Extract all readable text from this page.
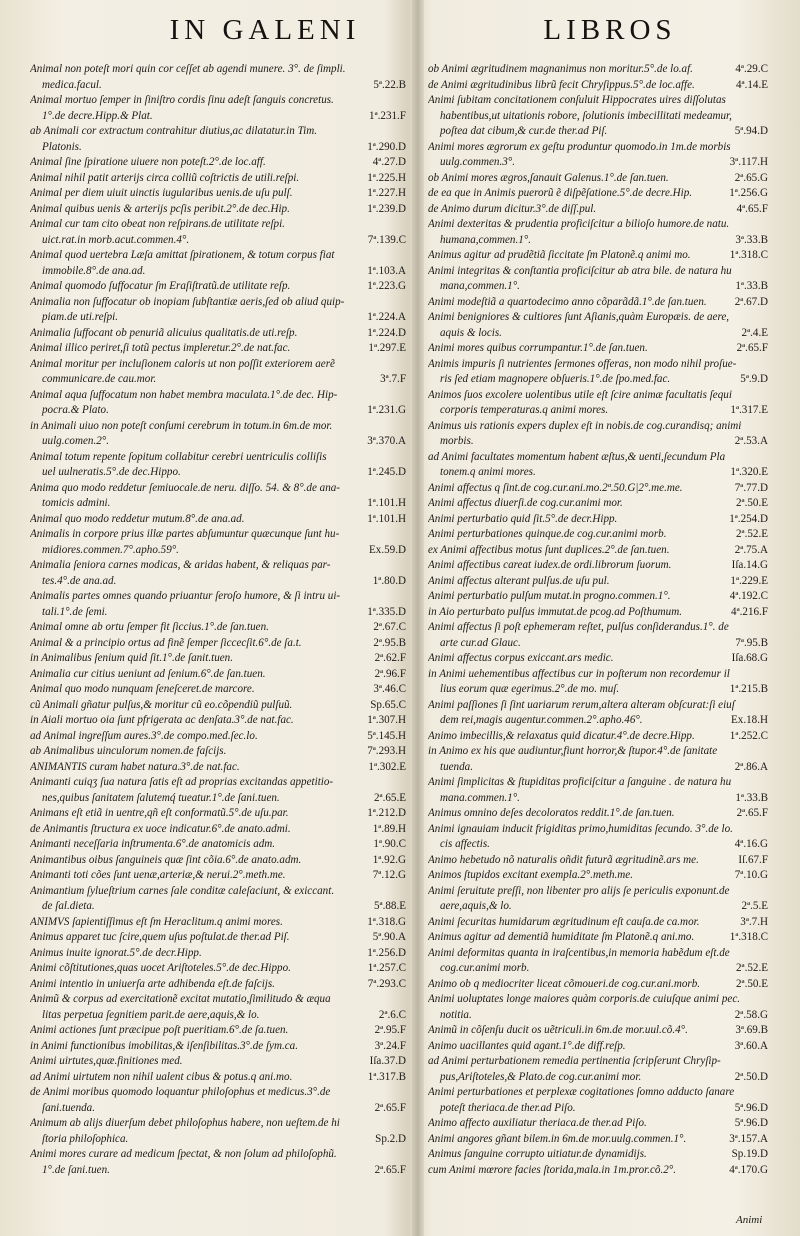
IN GALENI	LIBROS
Animal non poteſt mori quin cor ceſſet ab agendi munere. 3°. de ſimpli.
5ª.22.B
medica.facul.
Animal mortuo ſemper in ſiniſtro cordis ſinu adeſt ſanguis concretus.
1ª.231.F
1°.de decre.Hipp.& Plat.
ab Animali cor extractum contrahitur diutius,ac dilatatur.in Tim.
1ª.290.D
Platonis.
4ª.27.D
Animal ſine ſpiratione uiuere non poteſt.2°.de loc.aff.
1ª.225.H
Animal nihil patit arterijs circa colliũ coſtrictis de utili.reſpi.
1ª.227.H
Animal per diem uiuit uinctis iugularibus uenis.de uſu pulſ.
1ª.239.D
Animal quibus uenis & arterijs pcſis peribit.2°.de dec.Hip.
Animal cur tam cito obeat non reſpirans.de utilitate reſpi.
7ª.139.C
uict.rat.in morb.acut.commen.4°.
Animal quod uertebra Læſa amittat ſpirationem, & totum corpus fiat
1ª.103.A
immobile.8°.de ana.ad.
1ª.223.G
Animal quomodo ſuffocatur ſm Eraſiſtratũ.de utilitate reſp.
Animalia non ſuffocatur ob inopiam ſubſtantiæ aeris,ſed ob aliud quip-
1ª.224.A
piam.de uti.reſpi.
1ª.224.D
Animalia ſuffocant ob penuriã alicuius qualitatis.de uti.reſp.
1ª.297.E
Animal illico periret,ſi totũ pectus impleretur.2°.de nat.fac.
Animal moritur per incluſionem caloris ut non poſſit exteriorem aerẽ
3ª.7.F
communicare.de cau.mor.
Animal aqua ſuffocatum non habet membra maculata.1°.de dec. Hip-
1ª.231.G
pocra.& Plato.
in Animali uiuo non poteſt conſumi cerebrum in totum.in 6m.de mor.
3ª.370.A
uulg.comen.2°.
Animal totum repente ſopitum collabitur cerebri uentriculis colliſis
1ª.245.D
uel uulneratis.5°.de dec.Hippo.
Anima quo modo reddetur ſemiuocale.de neru. diſſo. 54. & 8°.de ana-
1ª.101.H
tomicis admini.
1ª.101.H
Animal quo modo reddetur mutum.8°.de ana.ad.
Animalis in corpore prius illæ partes abſumuntur quæcunque ſunt hu-
Ex.59.D
midiores.commen.7°.apho.59°.
Animalia ſeniora carnes modicas, & aridas habent, & reliquas par-
1ª.80.D
tes.4°.de ana.ad.
Animalis partes omnes quando priuantur ſeroſo humore, & ſi intru ui-
1ª.335.D
tali.1°.de ſemi.
2ª.67.C
Animal omne ab ortu ſemper fit ſiccius.1°.de ſan.tuen.
2ª.95.B
Animal & a principio ortus ad finẽ ſemper ſiccecſit.6°.de ſa.t.
2ª.62.F
in Animalibus ſenium quid ſit.1°.de ſanit.tuen.
2ª.96.F
Animalia cur citius ueniunt ad ſenium.6°.de ſan.tuen.
3ª.46.C
Animal quo modo nunquam ſeneſceret.de marcore.
Sp.65.C
cũ Animali gñatur pulſus,& moritur cũ eo.cõpendiũ pulſuũ.
1ª.307.H
in Aiali mortuo oia ſunt pfrigerata ac denſata.3°.de nat.fac.
5ª.145.H
ad Animal ingreſſum aures.3°.de compo.med.ſec.lo.
7ª.293.H
ab Animalibus uinculorum nomen.de faſcijs.
1ª.302.E
ANIMANTIS curam habet natura.3°.de nat.fac.
Animanti cuiqʒ ſua natura ſatis eſt ad proprias excitandas appetitio-
2ª.65.E
nes,quibus ſanitatem ſalutemq́ tueatur.1°.de ſani.tuen.
1ª.212.D
Animans eſt etiã in uentre,qñ eſt conformatũ.5°.de uſu.par.
1ª.89.H
de Animantis ſtructura ex uoce indicatur.6°.de anato.admi.
1ª.90.C
Animanti neceſſaria inſtrumenta.6°.de anatomicis adm.
1ª.92.G
Animantibus oibus ſanguineis quæ ſint cõia.6°.de anato.adm.
7ª.12.G
Animanti toti cões ſunt uenæ,arteriæ,& nerui.2°.meth.me.
Animantium ſylueſtrium carnes ſale conditæ caleſaciunt, & exiccant.
5ª.88.E
de ſal.dieta.
1ª.318.G
ANIMVS ſapientiſſimus eſt ſm Heraclitum.q animi mores.
5ª.90.A
Animus apparet tuc ſcire,quem uſus poſtulat.de ther.ad Piſ.
1ª.256.D
Animus inuite ignorat.5°.de decr.Hipp.
1ª.257.C
Animi cõſtitutiones,quas uocet Ariſtoteles.5°.de dec.Hippo.
7ª.293.C
Animi intentio in uniuerſa arte adhibenda eſt.de faſcijs.
Animũ & corpus ad exercitationẽ excitat mutatio,ſimilitudo & æqua
2ª.6.C
litas perpetua ſegnitiem parit.de aere,aquis,& lo.
2ª.95.F
Animi actiones ſunt præcipue poſt pueritiam.6°.de ſa.tuen.
3ª.24.F
in Animi functionibus imobilitas,& iſenſibilitas.3°.de ſym.ca.
Iſa.37.D
Animi uirtutes,quæ.finitiones med.
1ª.317.B
ad Animi uirtutem non nihil ualent cibus & potus.q ani.mo.
de Animi moribus quomodo loquantur philoſophus et medicus.3°.de
2ª.65.F
ſani.tuenda.
Animum ab alijs diuerſum debet philoſophus habere, non ueſtem.de hi
Sp.2.D
ſtoria philoſophica.
Animi mores curare ad medicum ſpectat, & non ſolum ad philoſophũ.
2ª.65.F
1°.de ſani.tuen.
4ª.29.C
ob Animi ægritudinem magnanimus non moritur.5°.de lo.af.
4ª.14.E
de Animi ægritudinibus librũ fecit Chryſippus.5°.de loc.affe.
Animi ſubitam concitationem conſuluit Hippocrates uires diſſolutas
habentibus,ut uitationis robore, ſolutionis imbecillitati medeamur,
5ª.94.D
poſtea dat cibum,& cur.de ther.ad Piſ.
Animi mores ægrorum ex geſtu produntur quomodo.in 1m.de morbis
3ª.117.H
uulg.commen.3°.
2ª.65.G
ob Animi mores ægros,ſanauit Galenus.1°.de ſan.tuen.
1ª.256.G
de ea que in Animis puerorũ ẽ diſpẽſatione.5°.de decre.Hip.
4ª.65.F
de Animo durum dicitur.3°.de diſſ.pul.
Animi dexteritas & prudentia proficiſcitur a bilioſo humore.de natu.
3ª.33.B
humana,commen.1°.
1ª.318.C
Animus agitur ad prudẽtiã ſiccitate ſm Platonẽ.q animi mo.
Animi integritas & conſtantia proficiſcitur ab atra bile. de natura hu
1ª.33.B
mana,commen.1°.
2ª.67.D
Animi modeſtiã a quartodecimo anno cõparãdã.1°.de ſan.tuen.
Animi benigniores & cultiores ſunt Aſianis,quàm Europæis. de aere,
2ª.4.E
aquis & locis.
2ª.65.F
Animi mores quibus corrumpantur.1°.de ſan.tuen.
Animis impuris ſi nutrientes ſermones offeras, non modo nihil proſue-
5ª.9.D
ris ſed etiam magnopere obſueris.1°.de ſpo.med.fac.
Animos ſuos excolere uolentibus utile eſt ſcire animæ facultatis ſequi
1ª.317.E
corporis temperaturas.q animi mores.
Animus uis rationis expers duplex eſt in nobis.de cog.curandisq; animi
2ª.53.A
morbis.
ad Animi facultates momentum habent æſtus,& uenti,ſecundum Pla
1ª.320.E
tonem.q animi mores.
7ª.77.D
Animi affectus q ſint.de cog.cur.ani.mo.2ª.50.G|2°.me.me.
2ª.50.E
Animi affectus diuerſi.de cog.cur.animi mor.
1ª.254.D
Animi perturbatio quid ſit.5°.de decr.Hipp.
2ª.52.E
Animi perturbationes quinque.de cog.cur.animi morb.
2ª.75.A
ex Animi affectibus motus ſunt duplices.2°.de ſan.tuen.
Iſa.14.G
Animi affectibus careat iudex.de ordi.librorum ſuorum.
1ª.229.E
Animi affectus alterant pulſus.de uſu pul.
4ª.192.C
Animi perturbatio pulſum mutat.in progno.commen.1°.
4ª.216.F
in Aio perturbato pulſus immutat.de pcog.ad Poſthumum.
Animi affectus ſi poſt ephemeram reſtet, pulſus conſiderandus.1°. de
7ª.95.B
arte cur.ad Glauc.
Iſa.68.G
Animi affectus corpus exiccant.ars medic.
in Animi uehementibus affectibus cur in poſterum non recordemur il
1ª.215.B
lius eorum quæ egerimus.2°.de mo. muſ.
Animi paſſiones ſi ſint uariarum rerum,altera alteram obſcurat:ſi eiuſ
Ex.18.H
dem rei,magis augentur.commen.2°.apho.46°.
1ª.252.C
Animo imbecillis,& relaxatus quid dicatur.4°.de decre.Hipp.
in Animo ex his que audiuntur,fiunt horror,& ſtupor.4°.de ſanitate
2ª.86.A
tuenda.
Animi ſimplicitas & ſtupiditas proficiſcitur a ſanguine . de natura hu
1ª.33.B
mana.commen.1°.
2ª.65.F
Animus omnino deſes decoloratos reddit.1°.de ſan.tuen.
Animi ignauiam inducit frigiditas primo,humiditas ſecundo. 3°.de lo.
4ª.16.G
cis affectis.
Iſ.67.F
Animo hebetudo nõ naturalis oñdit futurã ægritudinẽ.ars me.
7ª.10.G
Animos ſtupidos excitant exempla.2°.meth.me.
Animi ſeruitute preſſi, non libenter pro alijs ſe periculis exponunt.de
2ª.5.E
aere,aquis,& lo.
3ª.7.H
Animi ſecuritas humidarum ægritudinum eſt cauſa.de ca.mor.
1ª.318.C
Animus agitur ad dementiã humiditate ſm Platonẽ.q ani.mo.
Animi deformitas quanta in iraſcentibus,in memoria habẽdum eſt.de
2ª.52.E
cog.cur.animi morb.
2ª.50.E
Animo ob q mediocriter liceat cõmoueri.de cog.cur.ani.morb.
Animi uoluptates longe maiores quàm corporis.de cuiuſque animi pec.
2ª.58.G
notitia.
3ª.69.B
Animũ in cõſenſu ducit os uẽtriculi.in 6m.de mor.uul.cõ.4°.
3ª.60.A
Animo uacillantes quid agant.1°.de diff.reſp.
ad Animi perturbationem remedia pertinentia ſcripſerunt Chryſip-
2ª.50.D
pus,Ariſtoteles,& Plato.de cog.cur.animi mor.
Animi perturbationes et perplexæ cogitationes ſomno adducto ſanare
5ª.96.D
poteſt theriaca.de ther.ad Piſo.
5ª.96.D
Animo affecto auxiliatur theriaca.de ther.ad Piſo.
3ª.157.A
Animi angores gñant bilem.in 6m.de mor.uulg.commen.1°.
Sp.19.D
Animus ſanguine corrupto uitiatur.de dynamidijs.
4ª.170.G
cum Animi mœrore facies ſtorida,mala.in 1m.pror.cõ.2°.
Animi
